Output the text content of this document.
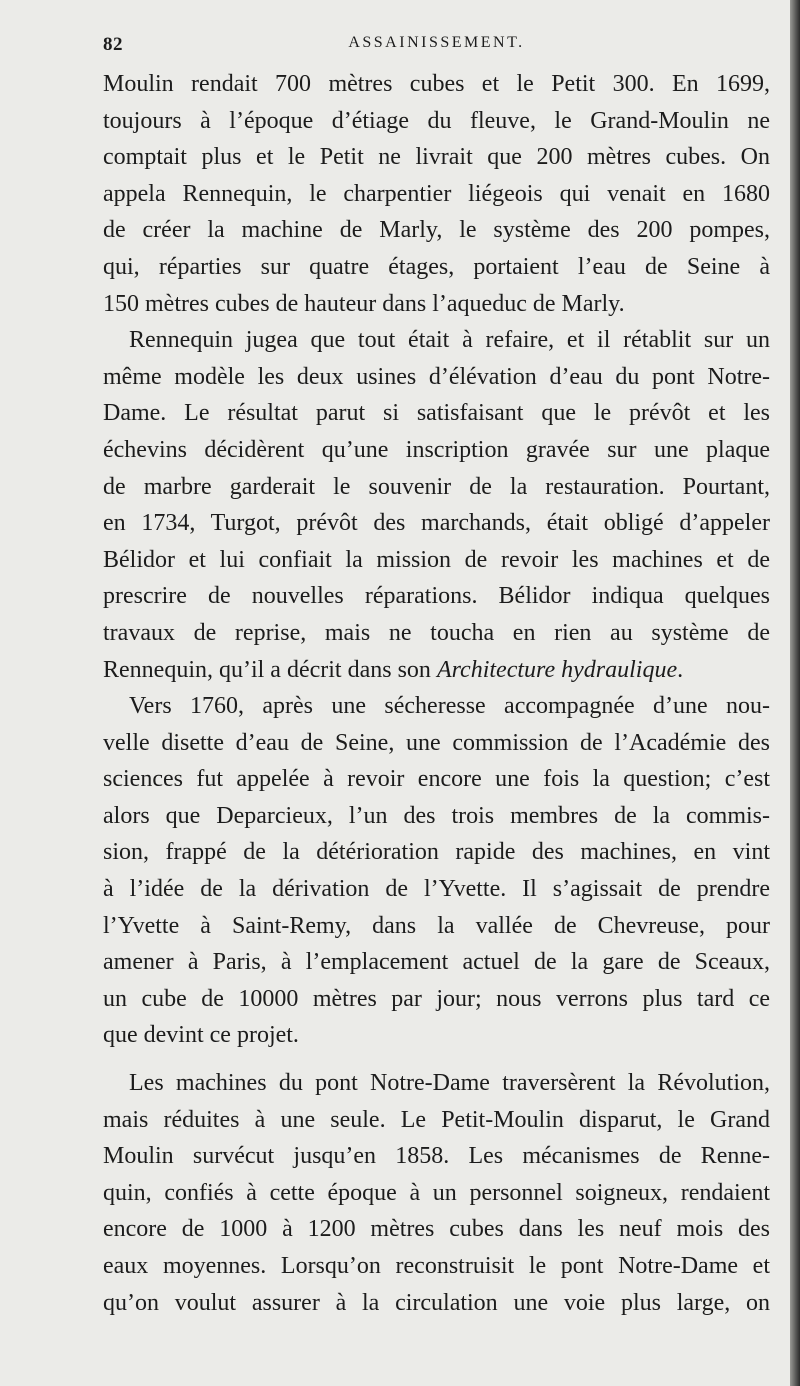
82	ASSAINISSEMENT.
Moulin rendait 700 mètres cubes et le Petit 300. En 1699,
toujours à l’époque d’étiage du fleuve, le Grand-Moulin ne
comptait plus et le Petit ne livrait que 200 mètres cubes. On
appela Rennequin, le charpentier liégeois qui venait en 1680
de créer la machine de Marly, le système des 200 pompes,
qui, réparties sur quatre étages, portaient l’eau de Seine à
150 mètres cubes de hauteur dans l’aqueduc de Marly.
Rennequin jugea que tout était à refaire, et il rétablit sur un
même modèle les deux usines d’élévation d’eau du pont Notre-
Dame. Le résultat parut si satisfaisant que le prévôt et les
échevins décidèrent qu’une inscription gravée sur une plaque
de marbre garderait le souvenir de la restauration. Pourtant,
en 1734, Turgot, prévôt des marchands, était obligé d’appeler
Bélidor et lui confiait la mission de revoir les machines et de
prescrire de nouvelles réparations. Bélidor indiqua quelques
travaux de reprise, mais ne toucha en rien au système de
Rennequin, qu’il a décrit dans son Architecture hydraulique.
Vers 1760, après une sécheresse accompagnée d’une nou-
velle disette d’eau de Seine, une commission de l’Académie des
sciences fut appelée à revoir encore une fois la question; c’est
alors que Deparcieux, l’un des trois membres de la commis-
sion, frappé de la détérioration rapide des machines, en vint
à l’idée de la dérivation de l’Yvette. Il s’agissait de prendre
l’Yvette à Saint-Remy, dans la vallée de Chevreuse, pour
amener à Paris, à l’emplacement actuel de la gare de Sceaux,
un cube de 10000 mètres par jour; nous verrons plus tard ce
que devint ce projet.
Les machines du pont Notre-Dame traversèrent la Révolution,
mais réduites à une seule. Le Petit-Moulin disparut, le Grand
Moulin survécut jusqu’en 1858. Les mécanismes de Renne-
quin, confiés à cette époque à un personnel soigneux, rendaient
encore de 1000 à 1200 mètres cubes dans les neuf mois des
eaux moyennes. Lorsqu’on reconstruisit le pont Notre-Dame et
qu’on voulut assurer à la circulation une voie plus large, on
